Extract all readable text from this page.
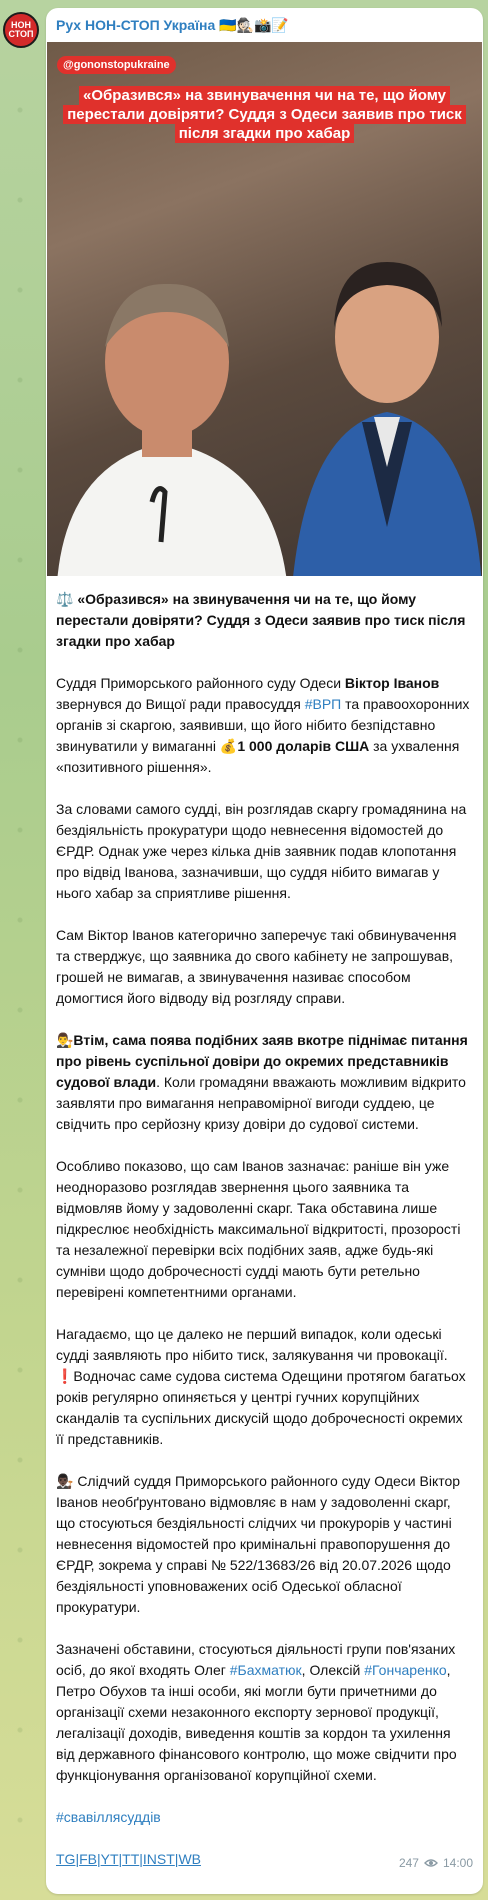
НОН
СТОП
Рух НОН-СТОП Україна 🇺🇦🕵🏻📸📝
@gononstopukraine
«Образився» на звинувачення чи на те, що йому перестали довіряти? Суддя з Одеси заявив про тиск після згадки про хабар

⚖️ «Образився» на звинувачення чи на те, що йому перестали довіряти? Суддя з Одеси заявив про тиск після згадки про хабар

Суддя Приморського районного суду Одеси Віктор Іванов звернувся до Вищої ради правосуддя #ВРП та правоохоронних органів зі скаргою, заявивши, що його нібито безпідставно звинуватили у вимаганні 💰1 000 доларів США за ухвалення «позитивного рішення».

За словами самого судді, він розглядав скаргу громадянина на бездіяльність прокуратури щодо невнесення відомостей до ЄРДР. Однак уже через кілька днів заявник подав клопотання про відвід Іванова, зазначивши, що суддя нібито вимагав у нього хабар за сприятливе рішення.

Сам Віктор Іванов категорично заперечує такі обвинувачення та стверджує, що заявника до свого кабінету не запрошував, грошей не вимагав, а звинувачення називає способом домогтися його відводу від розгляду справи.

👨‍⚖️Втім, сама поява подібних заяв вкотре піднімає питання про рівень суспільної довіри до окремих представників судової влади. Коли громадяни вважають можливим відкрито заявляти про вимагання неправомірної вигоди суддею, це свідчить про серйозну кризу довіри до судової системи.

Особливо показово, що сам Іванов зазначає: раніше він уже неодноразово розглядав звернення цього заявника та відмовляв йому у задоволенні скарг. Така обставина лише підкреслює необхідність максимальної відкритості, прозорості та незалежної перевірки всіх подібних заяв, адже будь-які сумніви щодо доброчесності судді мають бути ретельно перевірені компетентними органами.

Нагадаємо, що це далеко не перший випадок, коли одеські судді заявляють про нібито тиск, залякування чи провокації.
❗️Водночас саме судова система Одещини протягом багатьох років регулярно опиняється у центрі гучних корупційних скандалів та суспільних дискусій щодо доброчесності окремих її представників.

👨🏿‍⚖️ Слідчий суддя Приморського районного суду Одеси Віктор Іванов необґрунтовано відмовляє в нам у задоволенні скарг, що стосуються бездіяльності слідчих чи прокурорів у частині невнесення відомостей про кримінальні правопорушення до ЄРДР, зокрема у справі № 522/13683/26 від 20.07.2026 щодо бездіяльності уповноважених осіб Одеської обласної прокуратури.

Зазначені обставини, стосуються діяльності групи пов'язаних осіб, до якої входять Олег #Бахматюк, Олексій #Гончаренко, Петро Обухов та інші особи, які могли бути причетними до організації схеми незаконного експорту зернової продукції, легалізації доходів, виведення коштів за кордон та ухилення від державного фінансового контролю, що може свідчити про функціонування організованої корупційної схеми.

#свавіллясуддів

TG|FB|YT|TT|INST|WB	247 14:00
